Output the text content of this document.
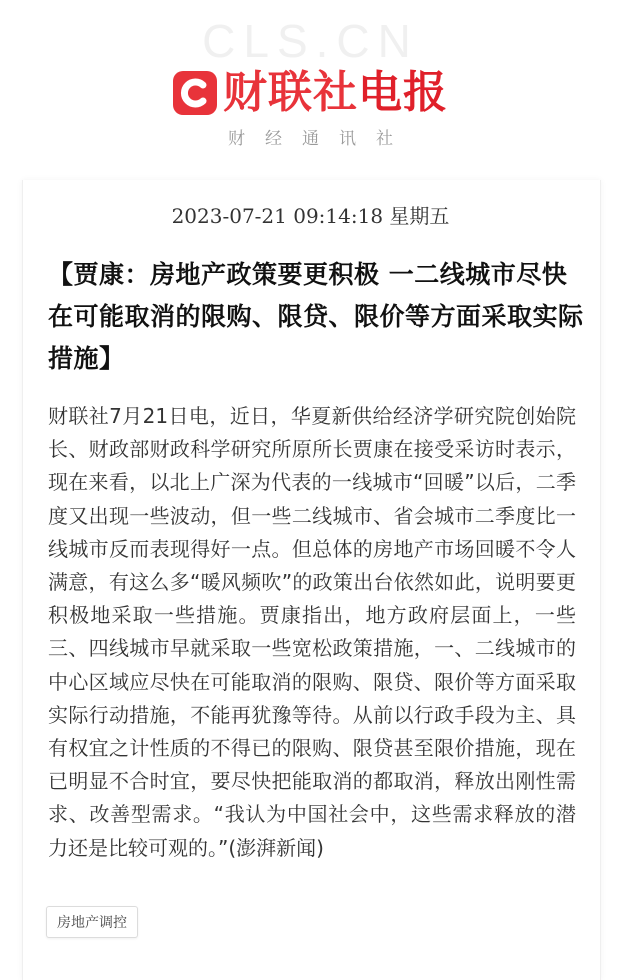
CLS.CN
财联社电报
财经通讯社
2023-07-21 09:14:18 星期五
【贾康：房地产政策要更积极 一二线城市尽快在可能取消的限购、限贷、限价等方面采取实际措施】
财联社7月21日电，近日，华夏新供给经济学研究院创始院长、财政部财政科学研究所原所长贾康在接受采访时表示，现在来看，以北上广深为代表的一线城市“回暖”以后，二季度又出现一些波动，但一些二线城市、省会城市二季度比一线城市反而表现得好一点。但总体的房地产市场回暖不令人满意，有这么多“暖风频吹”的政策出台依然如此，说明要更积极地采取一些措施。贾康指出，地方政府层面上，一些三、四线城市早就采取一些宽松政策措施，一、二线城市的中心区域应尽快在可能取消的限购、限贷、限价等方面采取实际行动措施，不能再犹豫等待。从前以行政手段为主、具有权宜之计性质的不得已的限购、限贷甚至限价措施，现在已明显不合时宜，要尽快把能取消的都取消，释放出刚性需求、改善型需求。“我认为中国社会中，这些需求释放的潜力还是比较可观的。”(澎湃新闻)
房地产调控
